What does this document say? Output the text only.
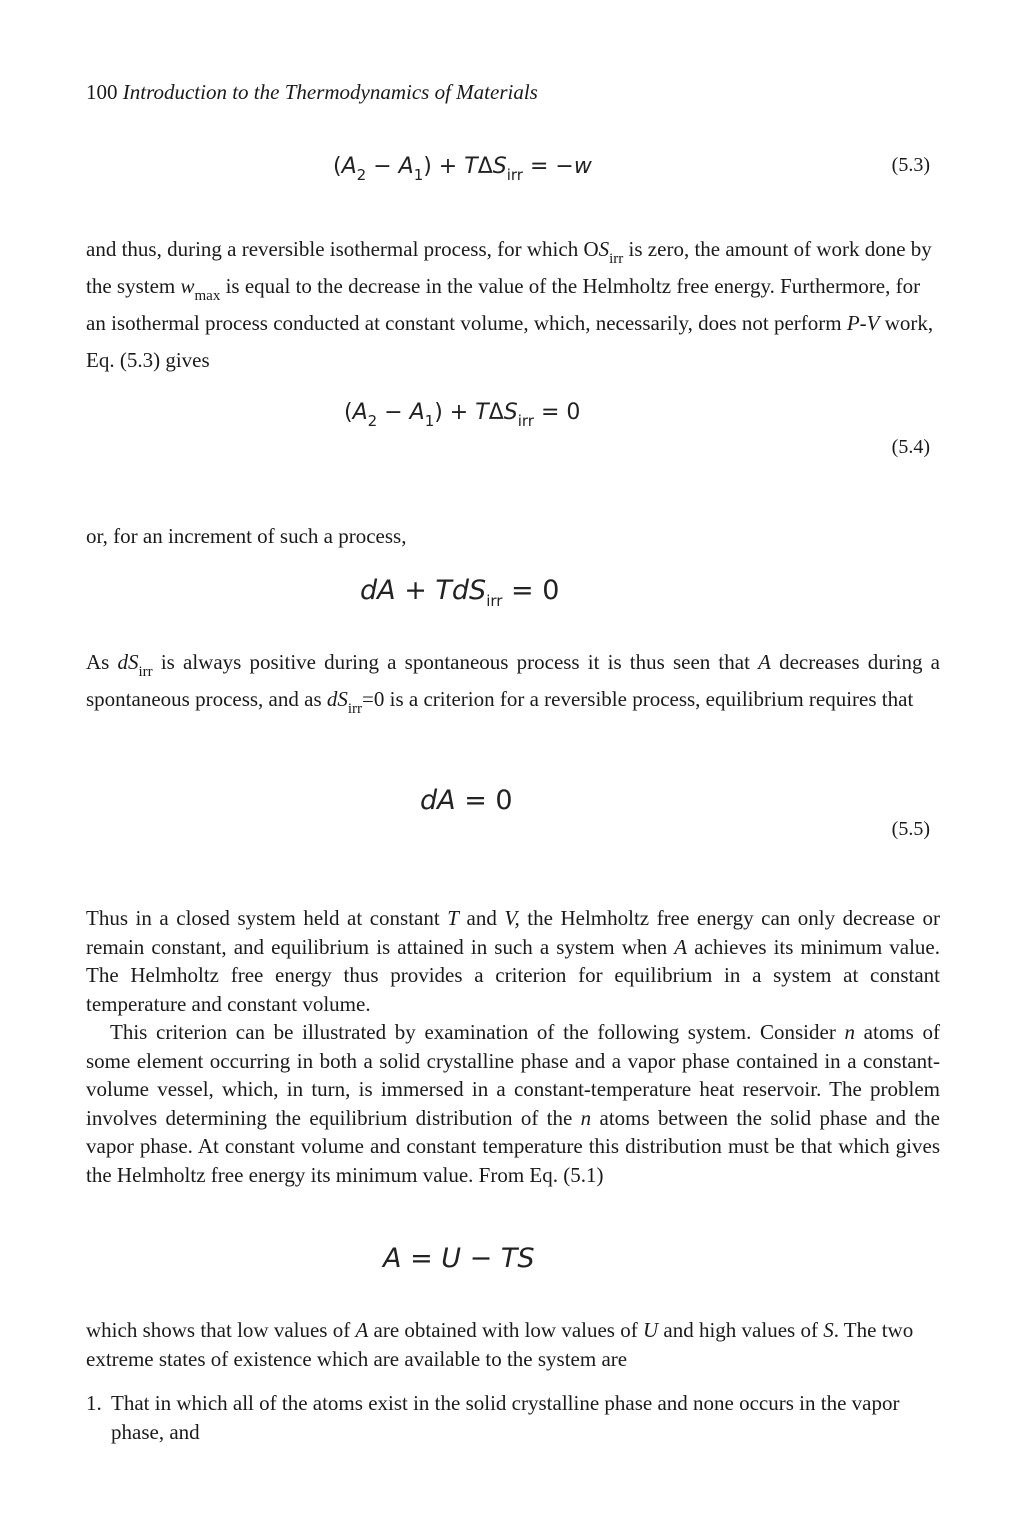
100 Introduction to the Thermodynamics of Materials
$(A_2 - A_1) + T\Delta S_{irr} = -w$	(5.3)

and thus, during a reversible isothermal process, for which $OS_{irr}$ is zero, the amount of work done by the system $w_{max}$ is equal to the decrease in the value of the Helmholtz free energy. Furthermore, for an isothermal process conducted at constant volume, which, necessarily, does not perform P-V work, Eq. (5.3) gives

$(A_2 - A_1) + T\Delta S_{irr} = 0$
(5.4)
or, for an increment of such a process,
dA + TdS$_{irr}$ = 0

As $dS_{irr}$ is always positive during a spontaneous process it is thus seen that A decreases during a spontaneous process, and as $dS_{irr}=0$ is a criterion for a reversible process, equilibrium requires that

dA = 0
(5.5)

Thus in a closed system held at constant T and V, the Helmholtz free energy can only decrease or remain constant, and equilibrium is attained in such a system when A achieves its minimum value. The Helmholtz free energy thus provides a criterion for equilibrium in a system at constant temperature and constant volume.

This criterion can be illustrated by examination of the following system. Consider n atoms of some element occurring in both a solid crystalline phase and a vapor phase contained in a constant-volume vessel, which, in turn, is immersed in a constant-temperature heat reservoir. The problem involves determining the equilibrium distribution of the n atoms between the solid phase and the vapor phase. At constant volume and constant temperature this distribution must be that which gives the Helmholtz free energy its minimum value. From Eq. (5.1)

A = U − TS

which shows that low values of A are obtained with low values of U and high values of S. The two extreme states of existence which are available to the system are

1. That in which all of the atoms exist in the solid crystalline phase and none occurs in the vapor phase, and
